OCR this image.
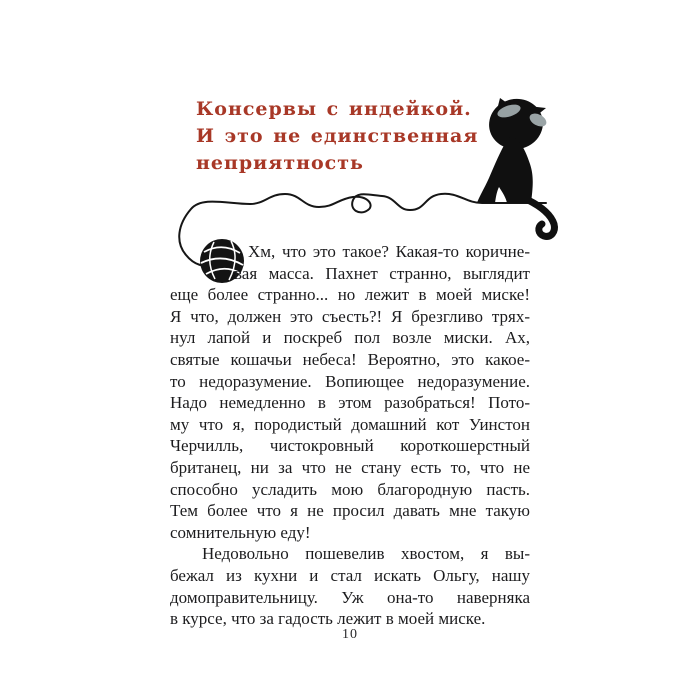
Консервы с индейкой.
И это не единственная
неприятность
Хм, что это такое? Какая-то коричне-
вая масса. Пахнет странно, выглядит
еще более странно... но лежит в моей миске!
Я что, должен это съесть?! Я брезгливо трях-
нул лапой и поскреб пол возле миски. Ах,
святые кошачьи небеса! Вероятно, это какое-
то недоразумение. Вопиющее недоразумение.
Надо немедленно в этом разобраться! Пото-
му что я, породистый домашний кот Уинстон
Черчилль, чистокровный короткошерстный
британец, ни за что не стану есть то, что не
способно усладить мою благородную пасть.
Тем более что я не просил давать мне такую
сомнительную еду!
Недовольно пошевелив хвостом, я вы-
бежал из кухни и стал искать Ольгу, нашу
домоправительницу. Уж она-то наверняка
в курсе, что за гадость лежит в моей миске.
10
